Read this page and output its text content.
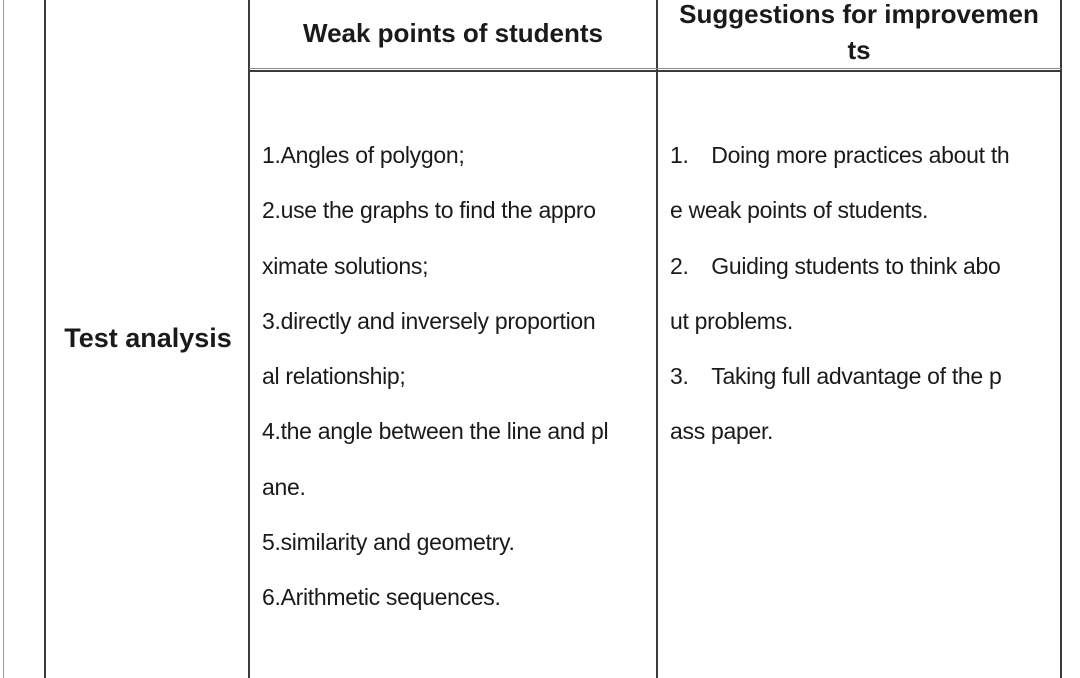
Weak points of students
Suggestions for improvemen
ts
Test analysis
1.Angles of polygon;
2.use the graphs to find the appro
ximate solutions;
3.directly and inversely proportion
al relationship;
4.the angle between the line and pl
ane.
5.similarity and geometry.
6.Arithmetic sequences.
1.　Doing more practices about th
e weak points of students.
2.　Guiding students to think abo
ut problems.
3.　Taking full advantage of the p
ass paper.
